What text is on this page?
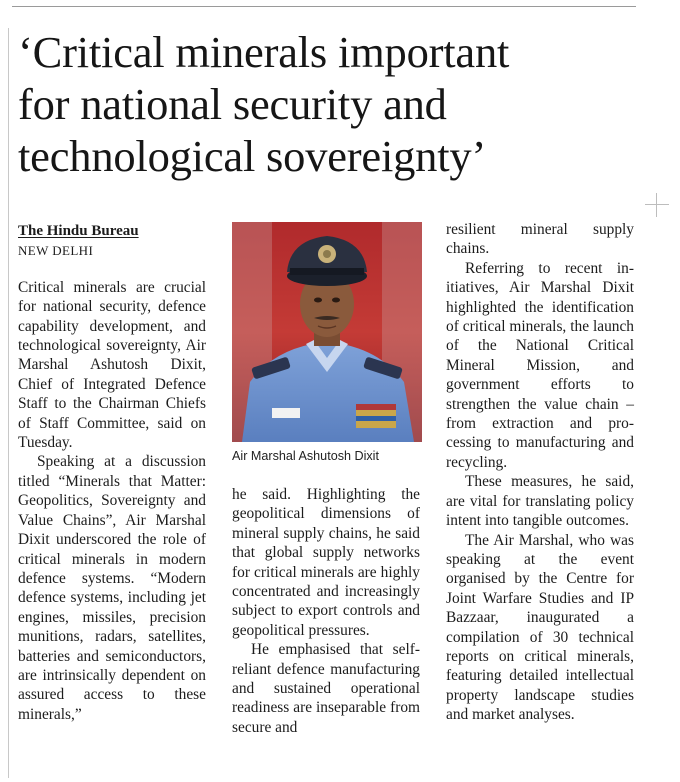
‘Critical minerals important
for national security and
technological sovereignty’
The Hindu Bureau
NEW DELHI

Critical minerals are crucial for national security, defence capability development, and technological sovereignty, Air Marshal Ashutosh Dixit, Chief of Integrated Defence Staff to the Chairman Chiefs of Staff Committee, said on Tuesday.

Speaking at a discussion titled “Minerals that Matter: Geopolitics, Sovereignty and Value Chains”, Air Marshal Dixit underscored the role of critical minerals in modern defence systems. “Modern defence systems, including jet engines, missiles, precision munitions, radars, satellites, batteries and semiconductors, are intrinsically dependent on assured access to these minerals,”

Air Marshal Ashutosh Dixit

he said. Highlighting the geopolitical dimensions of mineral supply chains, he said that global supply networks for critical minerals are highly concentrated and increasingly subject to export controls and geopolitical pressures.

He emphasised that self-reliant defence manufacturing and sustained operational readiness are inseparable from secure and

resilient mineral supply chains.

Referring to recent initiatives, Air Marshal Dixit highlighted the identification of critical minerals, the launch of the National Critical Mineral Mission, and government efforts to strengthen the value chain – from extraction and processing to manufacturing and recycling.

These measures, he said, are vital for translating policy intent into tangible outcomes.

The Air Marshal, who was speaking at the event organised by the Centre for Joint Warfare Studies and IP Bazzaar, inaugurated a compilation of 30 technical reports on critical minerals, featuring detailed intellectual property landscape studies and market analyses.
